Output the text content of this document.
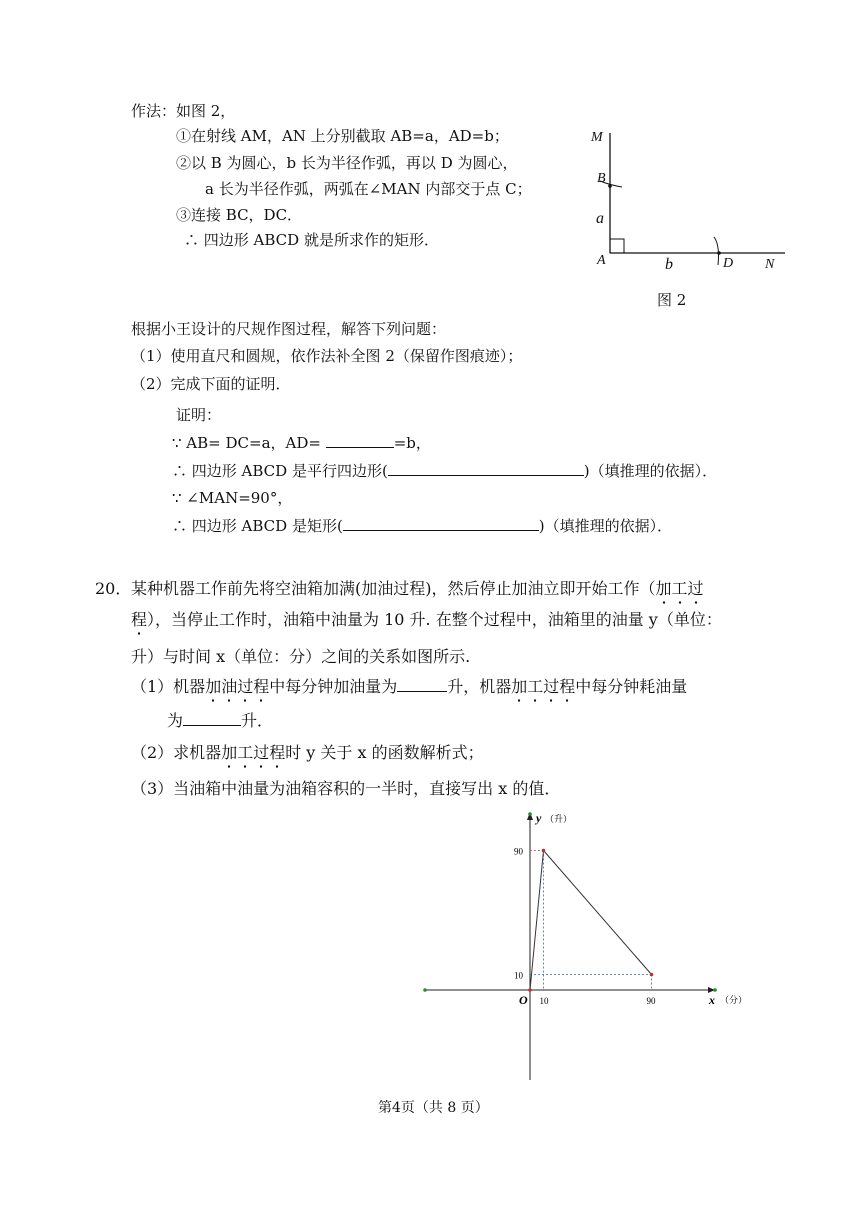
作法：如图 2，
①在射线 AM，AN 上分别截取 AB=a，AD=b；
②以 B 为圆心，b 长为半径作弧，再以 D 为圆心，
a 长为半径作弧，两弧在∠MAN 内部交于点 C；
③连接 BC，DC．
∴ 四边形 ABCD 就是所求作的矩形．
M
B
a
A	b	D N
图 2
根据小王设计的尺规作图过程，解答下列问题：
（1）使用直尺和圆规，依作法补全图 2（保留作图痕迹）；
（2）完成下面的证明．
证明：
∵ AB= DC=a，AD=	=b，
∴ 四边形 ABCD 是平行四边形(	)（填推理的依据）．
∵ ∠MAN=90°，
∴ 四边形 ABCD 是矩形(	)（填推理的依据）．
20． 某种机器工作前先将空油箱加满(加油过程)，然后停止加油立即开始工作（加工过
程），当停止工作时，油箱中油量为 10 升. 在整个过程中，油箱里的油量 y（单位：
升）与时间 x（单位：分）之间的关系如图所示.
（1）机器加油过程中每分钟加油量为	升，机器加工过程中每分钟耗油量
为	升．
（2）求机器加工过程时 y 关于 x 的函数解析式；
（3）当油箱中油量为油箱容积的一半时，直接写出 x 的值．
y （升）
x （分）
O
90
10
10	90
第4页（共 8 页）
